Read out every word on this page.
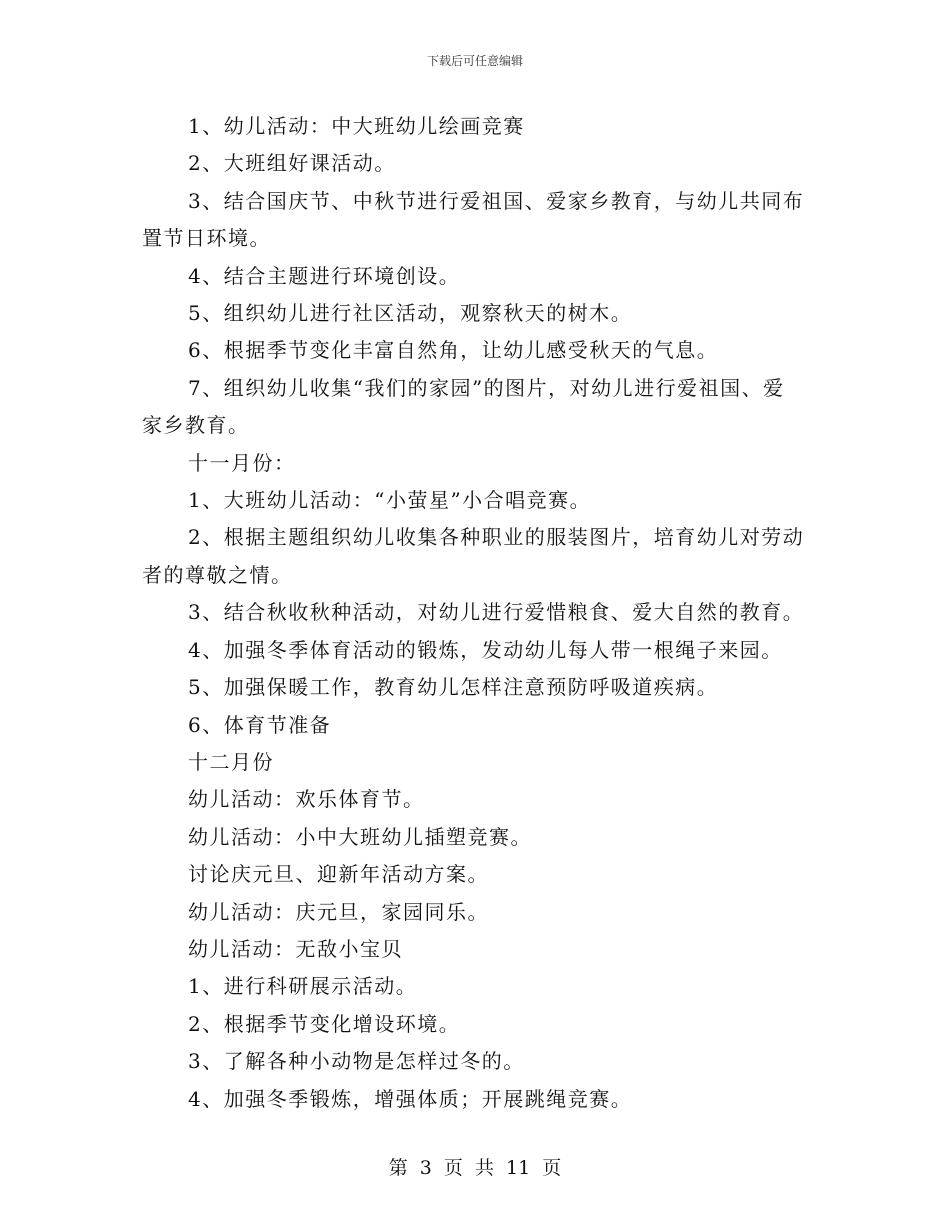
下载后可任意编辑

1、幼儿活动：中大班幼儿绘画竞赛

2、大班组好课活动。

3、结合国庆节、中秋节进行爱祖国、爱家乡教育，与幼儿共同布

置节日环境。

4、结合主题进行环境创设。

5、组织幼儿进行社区活动，观察秋天的树木。

6、根据季节变化丰富自然角，让幼儿感受秋天的气息。

7、组织幼儿收集“我们的家园”的图片，对幼儿进行爱祖国、爱

家乡教育。

十一月份：

1、大班幼儿活动：“小萤星”小合唱竞赛。

2、根据主题组织幼儿收集各种职业的服装图片，培育幼儿对劳动

者的尊敬之情。

3、结合秋收秋种活动，对幼儿进行爱惜粮食、爱大自然的教育。

4、加强冬季体育活动的锻炼，发动幼儿每人带一根绳子来园。

5、加强保暖工作，教育幼儿怎样注意预防呼吸道疾病。

6、体育节准备

十二月份

幼儿活动：欢乐体育节。

幼儿活动：小中大班幼儿插塑竞赛。

讨论庆元旦、迎新年活动方案。

幼儿活动：庆元旦，家园同乐。

幼儿活动：无敌小宝贝

1、进行科研展示活动。

2、根据季节变化增设环境。

3、了解各种小动物是怎样过冬的。

4、加强冬季锻炼，增强体质；开展跳绳竞赛。

第 3 页 共 11 页
